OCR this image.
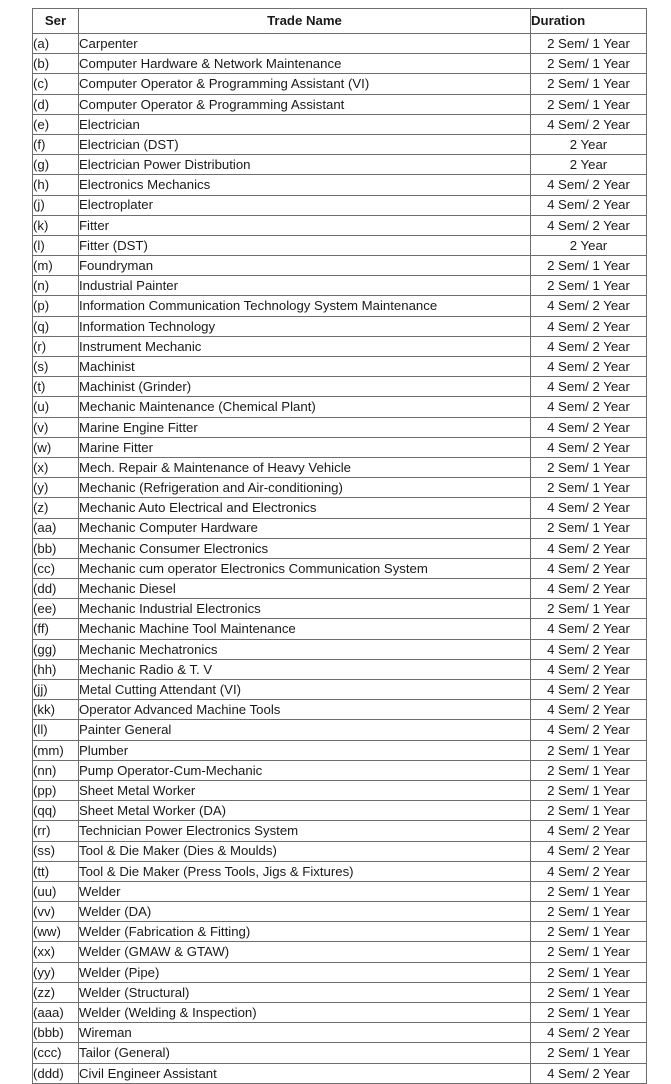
Ser	Trade Name	Duration
(a)	Carpenter	2 Sem/ 1 Year
(b)	Computer Hardware & Network Maintenance	2 Sem/ 1 Year
(c)	Computer Operator & Programming Assistant (VI)	2 Sem/ 1 Year
(d)	Computer Operator & Programming Assistant	2 Sem/ 1 Year
(e)	Electrician	4 Sem/ 2 Year
(f)	Electrician (DST)	2 Year
(g)	Electrician Power Distribution	2 Year
(h)	Electronics Mechanics	4 Sem/ 2 Year
(j)	Electroplater	4 Sem/ 2 Year
(k)	Fitter	4 Sem/ 2 Year
(l)	Fitter (DST)	2 Year
(m)	Foundryman	2 Sem/ 1 Year
(n)	Industrial Painter	2 Sem/ 1 Year
(p)	Information Communication Technology System Maintenance	4 Sem/ 2 Year
(q)	Information Technology	4 Sem/ 2 Year
(r)	Instrument Mechanic	4 Sem/ 2 Year
(s)	Machinist	4 Sem/ 2 Year
(t)	Machinist (Grinder)	4 Sem/ 2 Year
(u)	Mechanic Maintenance (Chemical Plant)	4 Sem/ 2 Year
(v)	Marine Engine Fitter	4 Sem/ 2 Year
(w)	Marine Fitter	4 Sem/ 2 Year
(x)	Mech. Repair & Maintenance of Heavy Vehicle	2 Sem/ 1 Year
(y)	Mechanic (Refrigeration and Air-conditioning)	2 Sem/ 1 Year
(z)	Mechanic Auto Electrical and Electronics	4 Sem/ 2 Year
(aa)	Mechanic Computer Hardware	2 Sem/ 1 Year
(bb)	Mechanic Consumer Electronics	4 Sem/ 2 Year
(cc)	Mechanic cum operator Electronics Communication System	4 Sem/ 2 Year
(dd)	Mechanic Diesel	4 Sem/ 2 Year
(ee)	Mechanic Industrial Electronics	2 Sem/ 1 Year
(ff)	Mechanic Machine Tool Maintenance	4 Sem/ 2 Year
(gg)	Mechanic Mechatronics	4 Sem/ 2 Year
(hh)	Mechanic Radio & T. V	4 Sem/ 2 Year
(jj)	Metal Cutting Attendant (VI)	4 Sem/ 2 Year
(kk)	Operator Advanced Machine Tools	4 Sem/ 2 Year
(ll)	Painter General	4 Sem/ 2 Year
(mm)	Plumber	2 Sem/ 1 Year
(nn)	Pump Operator-Cum-Mechanic	2 Sem/ 1 Year
(pp)	Sheet Metal Worker	2 Sem/ 1 Year
(qq)	Sheet Metal Worker (DA)	2 Sem/ 1 Year
(rr)	Technician Power Electronics System	4 Sem/ 2 Year
(ss)	Tool & Die Maker (Dies & Moulds)	4 Sem/ 2 Year
(tt)	Tool & Die Maker (Press Tools, Jigs & Fixtures)	4 Sem/ 2 Year
(uu)	Welder	2 Sem/ 1 Year
(vv)	Welder (DA)	2 Sem/ 1 Year
(ww)	Welder (Fabrication & Fitting)	2 Sem/ 1 Year
(xx)	Welder (GMAW & GTAW)	2 Sem/ 1 Year
(yy)	Welder (Pipe)	2 Sem/ 1 Year
(zz)	Welder (Structural)	2 Sem/ 1 Year
(aaa)	Welder (Welding & Inspection)	2 Sem/ 1 Year
(bbb)	Wireman	4 Sem/ 2 Year
(ccc)	Tailor (General)	2 Sem/ 1 Year
(ddd)	Civil Engineer Assistant	4 Sem/ 2 Year
